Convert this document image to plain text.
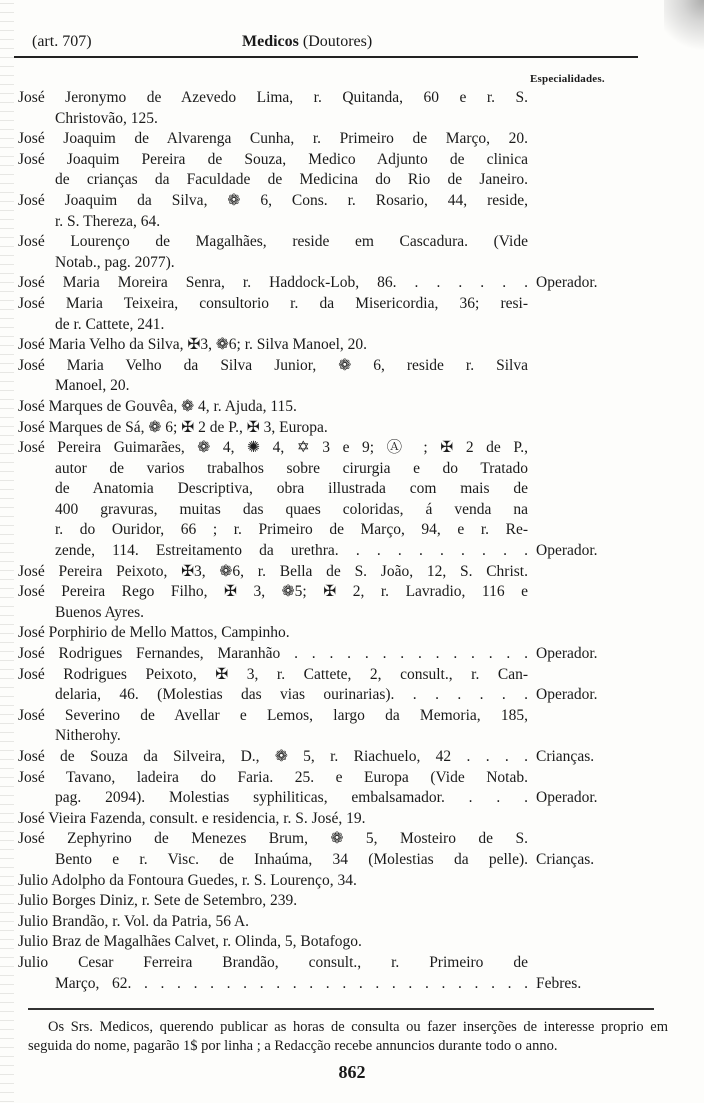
(art. 707)	Medicos (Doutores)
Especialidades.
José Jeronymo de Azevedo Lima, r. Quitanda, 60 e r. S.
Christovão, 125.
José Joaquim de Alvarenga Cunha, r. Primeiro de Março, 20.
José Joaquim Pereira de Souza, Medico Adjunto de clinica
de crianças da Faculdade de Medicina do Rio de Janeiro.
José Joaquim da Silva, ❁ 6, Cons. r. Rosario, 44, reside,
r. S. Thereza, 64.
José Lourenço de Magalhães, reside em Cascadura. (Vide
Notab., pag. 2077).
José Maria Moreira Senra, r. Haddock-Lob, 86. . . . . . . Operador.
José Maria Teixeira, consultorio r. da Misericordia, 36; resi-
de r. Cattete, 241.
José Maria Velho da Silva, ✠3, ❁6; r. Silva Manoel, 20.
José Maria Velho da Silva Junior, ❁ 6, reside r. Silva
Manoel, 20.
José Marques de Gouvêa, ❁ 4, r. Ajuda, 115.
José Marques de Sá, ❁ 6; ✠ 2 de P., ✠ 3, Europa.
José Pereira Guimarães, ❁ 4, ✺ 4, ✡ 3 e 9; Ⓐ ; ✠ 2 de P.,
autor de varios trabalhos sobre cirurgia e do Tratado
de Anatomia Descriptiva, obra illustrada com mais de
400 gravuras, muitas das quaes coloridas, á venda na
r. do Ouridor, 66 ; r. Primeiro de Março, 94, e r. Re-
zende, 114. Estreitamento da urethra. . . . . . . . . . Operador.
José Pereira Peixoto, ✠3, ❁6, r. Bella de S. João, 12, S. Christ.
José Pereira Rego Filho, ✠ 3, ❁5; ✠ 2, r. Lavradio, 116 e
Buenos Ayres.
José Porphirio de Mello Mattos, Campinho.
José Rodrigues Fernandes, Maranhão . . . . . . . . . . . . . . Operador.
José Rodrigues Peixoto, ✠ 3, r. Cattete, 2, consult., r. Can-
delaria, 46. (Molestias das vias ourinarias). . . . . . . Operador.
José Severino de Avellar e Lemos, largo da Memoria, 185,
Nitherohy.
José de Souza da Silveira, D., ❁ 5, r. Riachuelo, 42 . . . . Crianças.
José Tavano, ladeira do Faria. 25. e Europa (Vide Notab.
pag. 2094). Molestias syphiliticas, embalsamador. . . . Operador.
José Vieira Fazenda, consult. e residencia, r. S. José, 19.
José Zephyrino de Menezes Brum, ❁ 5, Mosteiro de S.
Bento e r. Visc. de Inhaúma, 34 (Molestias da pelle). Crianças.
Julio Adolpho da Fontoura Guedes, r. S. Lourenço, 34.
Julio Borges Diniz, r. Sete de Setembro, 239.
Julio Brandão, r. Vol. da Patria, 56 A.
Julio Braz de Magalhães Calvet, r. Olinda, 5, Botafogo.
Julio Cesar Ferreira Brandão, consult., r. Primeiro de
Março, 62. . . . . . . . . . . . . . . . . . . . . . . . . Febres.
Os Srs. Medicos, querendo publicar as horas de consulta ou fazer inserções de interesse proprio em seguida do nome, pagarão 1$ por linha ; a Redacção recebe annuncios durante todo o anno.
862
